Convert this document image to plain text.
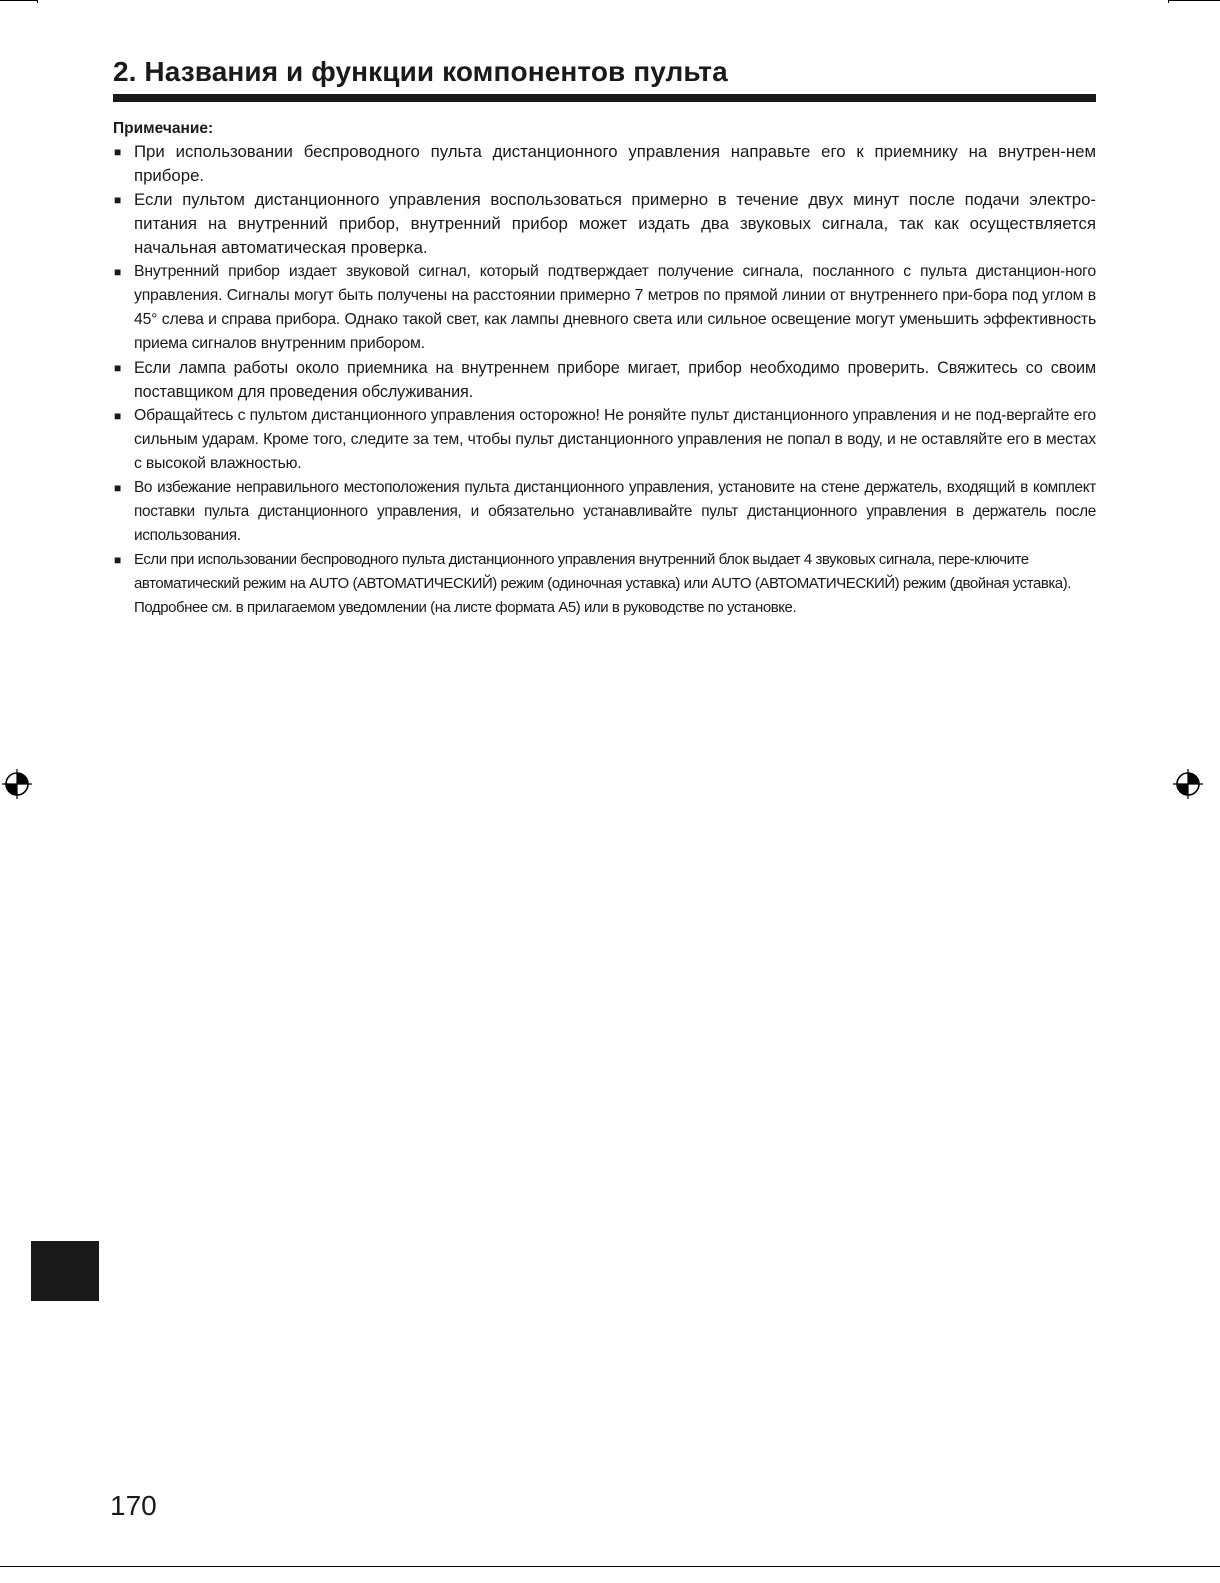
2. Названия и функции компонентов пульта

Примечание:

■ При использовании беспроводного пульта дистанционного управления направьте его к приемнику на внутрен-нем приборе.
■ Если пультом дистанционного управления воспользоваться примерно в течение двух минут после подачи электро-питания на внутренний прибор, внутренний прибор может издать два звуковых сигнала, так как осуществляется начальная автоматическая проверка.
■ Внутренний прибор издает звуковой сигнал, который подтверждает получение сигнала, посланного с пульта дистанцион-ного управления. Сигналы могут быть получены на расстоянии примерно 7 метров по прямой линии от внутреннего при-бора под углом в 45° слева и справа прибора. Однако такой свет, как лампы дневного света или сильное освещение могут уменьшить эффективность приема сигналов внутренним прибором.
■ Если лампа работы около приемника на внутреннем приборе мигает, прибор необходимо проверить. Свяжитесь со своим поставщиком для проведения обслуживания.
■ Обращайтесь с пультом дистанционного управления осторожно! Не роняйте пульт дистанционного управления и не под-вергайте его сильным ударам. Кроме того, следите за тем, чтобы пульт дистанционного управления не попал в воду, и не оставляйте его в местах с высокой влажностью.
■ Во избежание неправильного местоположения пульта дистанционного управления, установите на стене держатель, входящий в комплект поставки пульта дистанционного управления, и обязательно устанавливайте пульт дистанционного управления в держатель после использования.
■ Если при использовании беспроводного пульта дистанционного управления внутренний блок выдает 4 звуковых сигнала, пере-ключите автоматический режим на AUTO (АВТОМАТИЧЕСКИЙ) режим (одиночная уставка) или AUTO (АВТОМАТИЧЕСКИЙ) режим (двойная уставка).
Подробнее см. в прилагаемом уведомлении (на листе формата A5) или в руководстве по установке.
170
